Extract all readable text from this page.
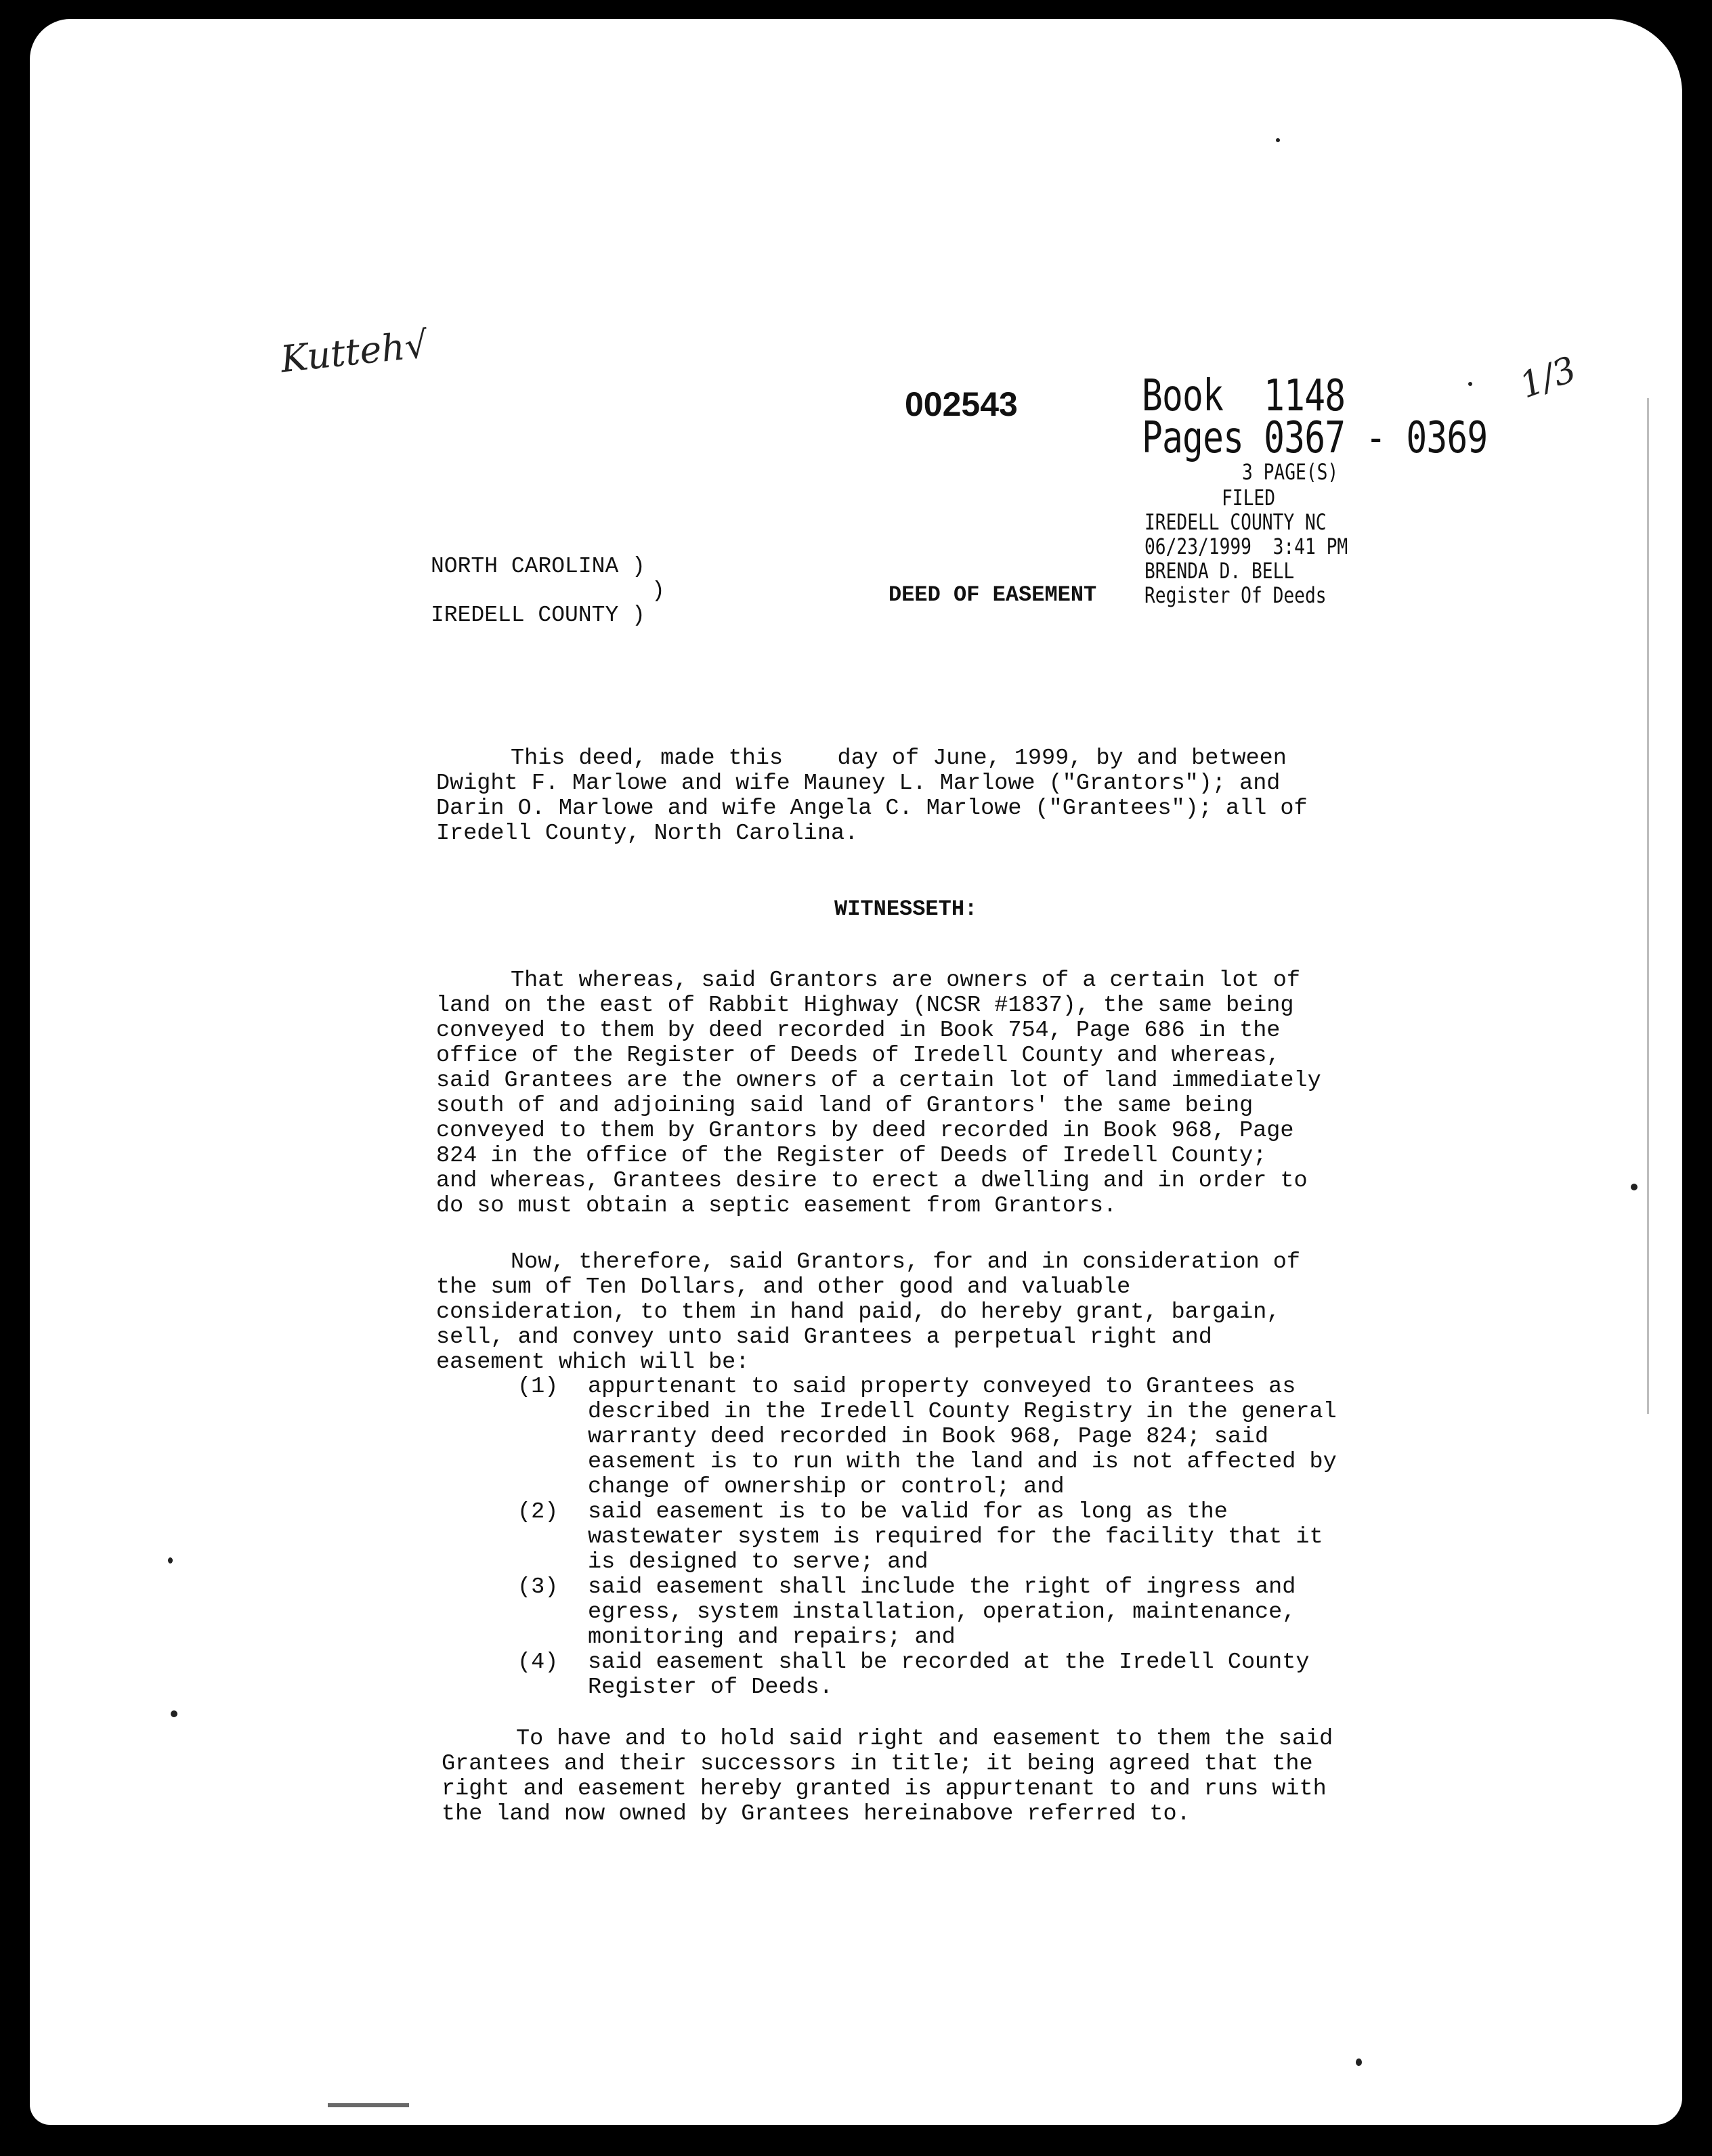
Kutteh√	1/3
002543	Book  1148
Pages 0367 - 0369
3 PAGE(S)
FILED
IREDELL COUNTY NC
06/23/1999  3:41 PM
BRENDA D. BELL
Register Of Deeds
NORTH CAROLINA )
)
IREDELL COUNTY )
DEED OF EASEMENT

This deed, made this    day of June, 1999, by and between

Dwight F. Marlowe and wife Mauney L. Marlowe ("Grantors"); and

Darin O. Marlowe and wife Angela C. Marlowe ("Grantees"); all of

Iredell County, North Carolina.

WITNESSETH:

That whereas, said Grantors are owners of a certain lot of

land on the east of Rabbit Highway (NCSR #1837), the same being

conveyed to them by deed recorded in Book 754, Page 686 in the

office of the Register of Deeds of Iredell County and whereas,

said Grantees are the owners of a certain lot of land immediately

south of and adjoining said land of Grantors' the same being

conveyed to them by Grantors by deed recorded in Book 968, Page

824 in the office of the Register of Deeds of Iredell County;

and whereas, Grantees desire to erect a dwelling and in order to

do so must obtain a septic easement from Grantors.

Now, therefore, said Grantors, for and in consideration of

the sum of Ten Dollars, and other good and valuable

consideration, to them in hand paid, do hereby grant, bargain,

sell, and convey unto said Grantees a perpetual right and

easement which will be:

(1) appurtenant to said property conveyed to Grantees as
described in the Iredell County Registry in the general
warranty deed recorded in Book 968, Page 824; said
easement is to run with the land and is not affected by
change of ownership or control; and
(2) said easement is to be valid for as long as the
wastewater system is required for the facility that it
is designed to serve; and
(3) said easement shall include the right of ingress and
egress, system installation, operation, maintenance,
monitoring and repairs; and
(4) said easement shall be recorded at the Iredell County
Register of Deeds.

To have and to hold said right and easement to them the said

Grantees and their successors in title; it being agreed that the

right and easement hereby granted is appurtenant to and runs with

the land now owned by Grantees hereinabove referred to.
